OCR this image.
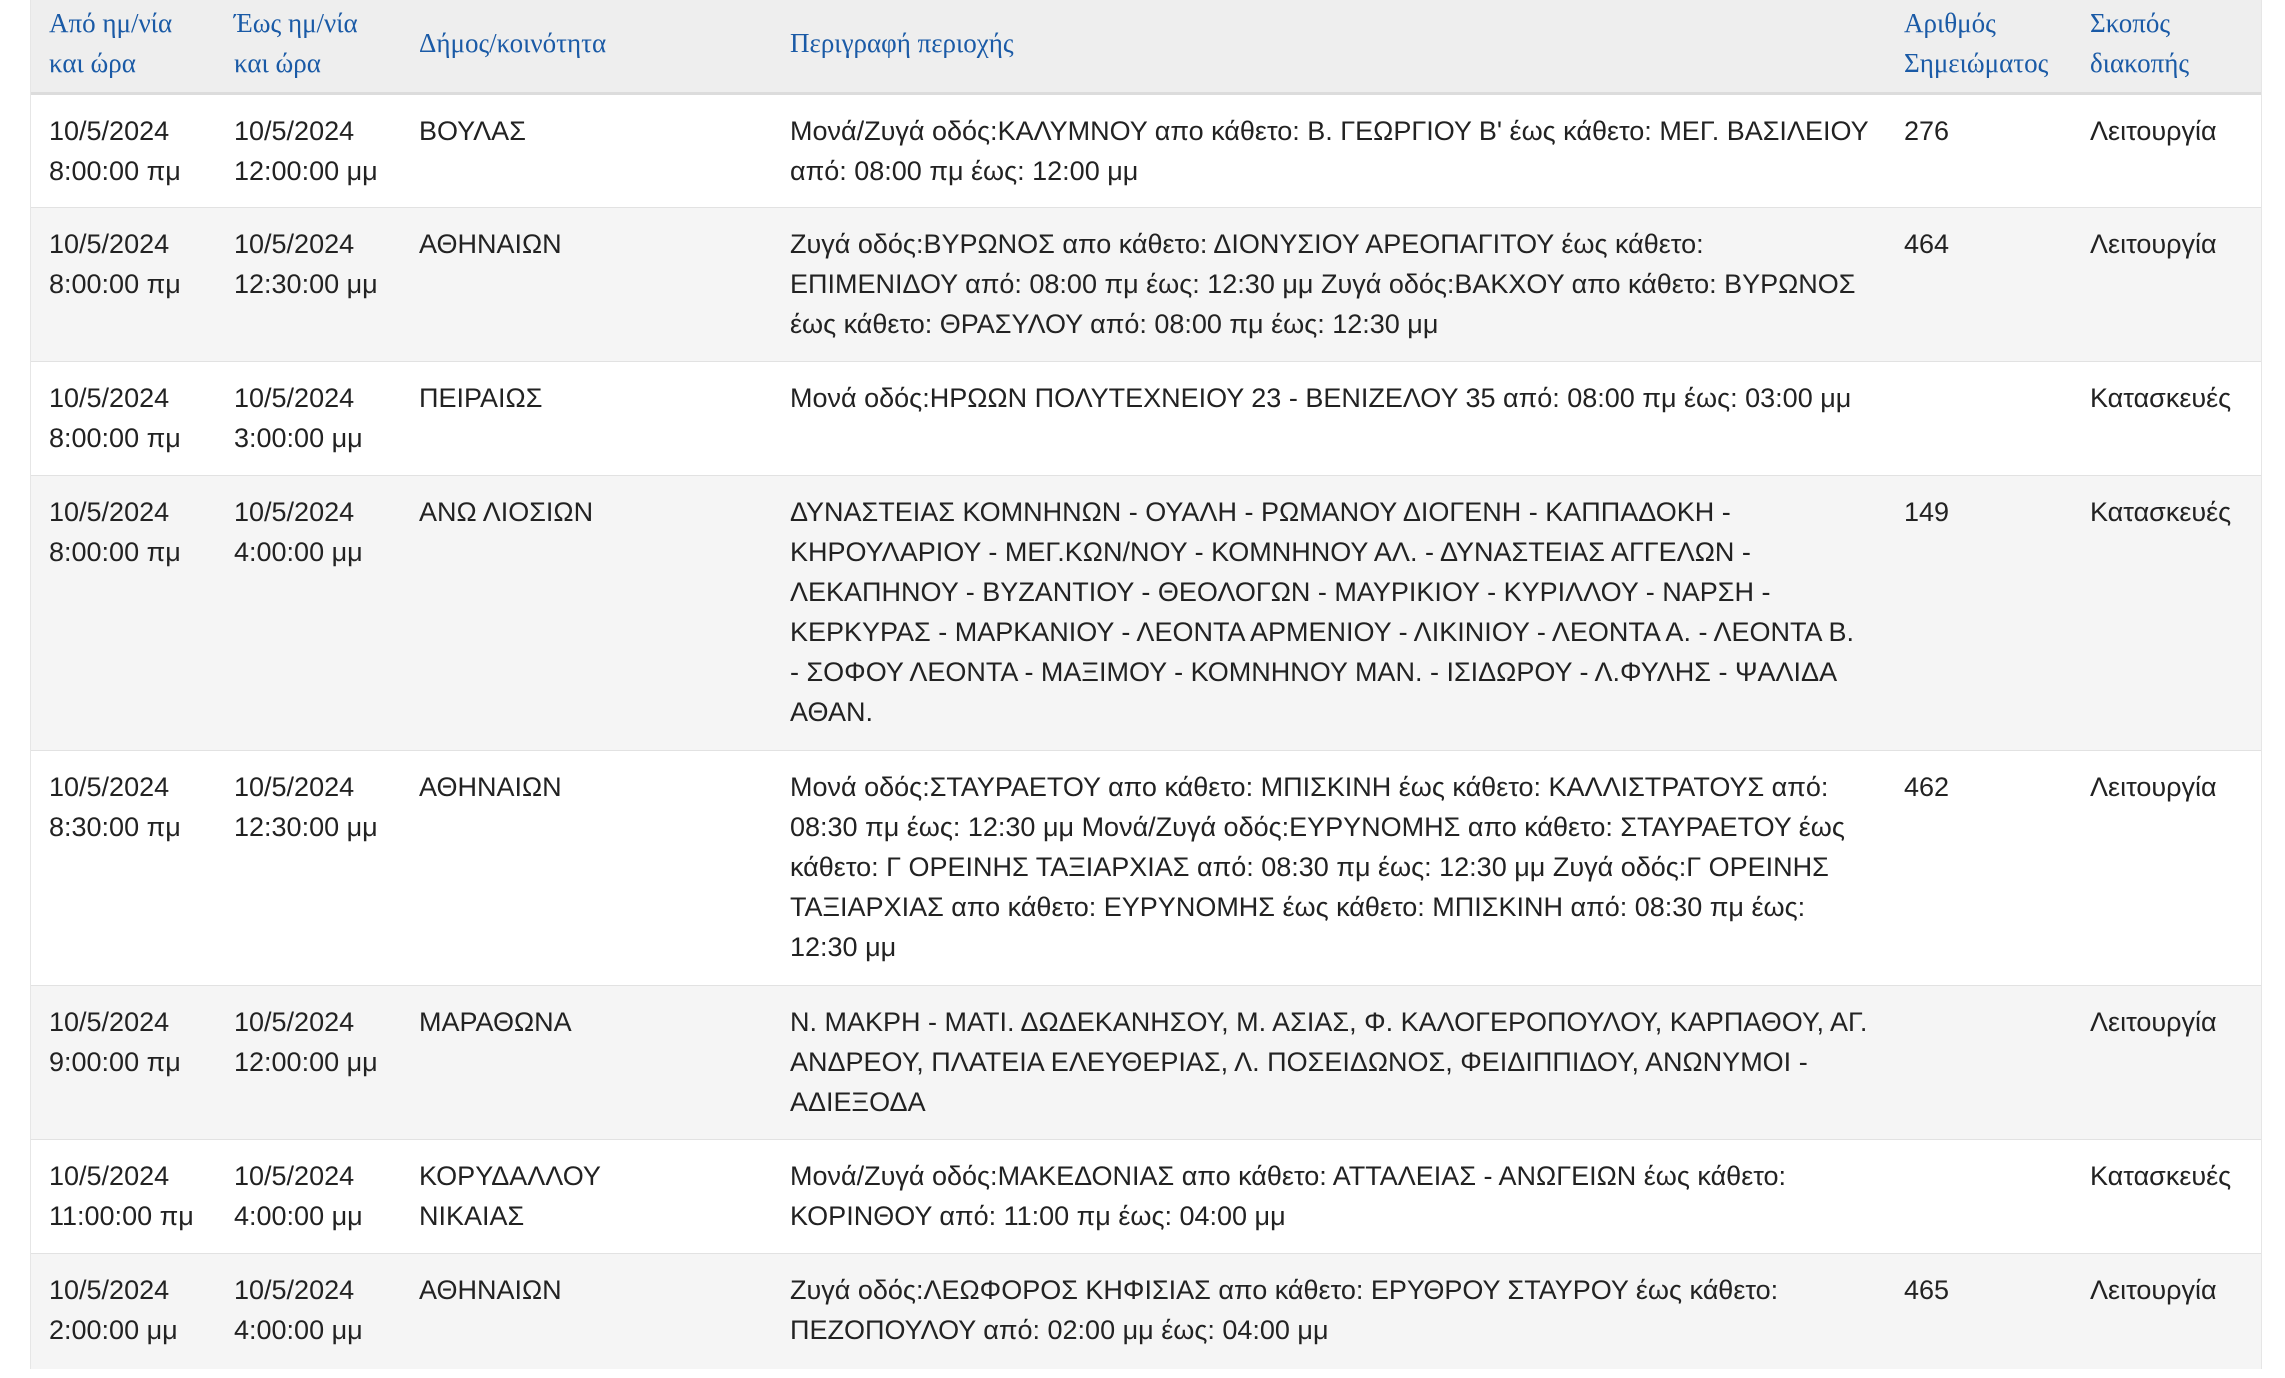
Από ημ/νία
και ώρα	Έως ημ/νία
και ώρα	Δήμος/κοινότητα	Περιγραφή περιοχής	Αριθμός
Σημειώματος	Σκοπός
διακοπής

10/5/2024
8:00:00 πμ	10/5/2024
12:00:00 μμ	ΒΟΥΛΑΣ	Μονά/Ζυγά οδός:ΚΑΛΥΜΝΟΥ απο κάθετο: Β. ΓΕΩΡΓΙΟΥ Β' έως κάθετο: ΜΕΓ. ΒΑΣΙΛΕΙΟΥ από: 08:00 πμ έως: 12:00 μμ	276	Λειτουργία

10/5/2024
8:00:00 πμ	10/5/2024
12:30:00 μμ	ΑΘΗΝΑΙΩΝ	Ζυγά οδός:ΒΥΡΩΝΟΣ απο κάθετο: ΔΙΟΝΥΣΙΟΥ ΑΡΕΟΠΑΓΙΤΟΥ έως κάθετο: ΕΠΙΜΕΝΙΔΟΥ από: 08:00 πμ έως: 12:30 μμ Ζυγά οδός:ΒΑΚΧΟΥ απο κάθετο: ΒΥΡΩΝΟΣ έως κάθετο: ΘΡΑΣΥΛΟΥ από: 08:00 πμ έως: 12:30 μμ	464	Λειτουργία

10/5/2024
8:00:00 πμ	10/5/2024
3:00:00 μμ	ΠΕΙΡΑΙΩΣ	Μονά οδός:ΗΡΩΩΝ ΠΟΛΥΤΕΧΝΕΙΟΥ 23 - ΒΕΝΙΖΕΛΟΥ 35 από: 08:00 πμ έως: 03:00 μμ		Κατασκευές

10/5/2024
8:00:00 πμ	10/5/2024
4:00:00 μμ	ΑΝΩ ΛΙΟΣΙΩΝ	ΔΥΝΑΣΤΕΙΑΣ ΚΟΜΝΗΝΩΝ - ΟΥΑΛΗ - ΡΩΜΑΝΟΥ ΔΙΟΓΕΝΗ - ΚΑΠΠΑΔΟΚΗ - ΚΗΡΟΥΛΑΡΙΟΥ - ΜΕΓ.ΚΩΝ/ΝΟΥ - ΚΟΜΝΗΝΟΥ ΑΛ. - ΔΥΝΑΣΤΕΙΑΣ ΑΓΓΕΛΩΝ - ΛΕΚΑΠΗΝΟΥ - ΒΥΖΑΝΤΙΟΥ - ΘΕΟΛΟΓΩΝ - ΜΑΥΡΙΚΙΟΥ - ΚΥΡΙΛΛΟΥ - ΝΑΡΣΗ - ΚΕΡΚΥΡΑΣ - ΜΑΡΚΑΝΙΟΥ - ΛΕΟΝΤΑ ΑΡΜΕΝΙΟΥ - ΛΙΚΙΝΙΟΥ - ΛΕΟΝΤΑ Α. - ΛΕΟΝΤΑ Β. - ΣΟΦΟΥ ΛΕΟΝΤΑ - ΜΑΞΙΜΟΥ - ΚΟΜΝΗΝΟΥ ΜΑΝ. - ΙΣΙΔΩΡΟΥ - Λ.ΦΥΛΗΣ - ΨΑΛΙΔΑ ΑΘΑΝ.	149	Κατασκευές

10/5/2024
8:30:00 πμ	10/5/2024
12:30:00 μμ	ΑΘΗΝΑΙΩΝ	Μονά οδός:ΣΤΑΥΡΑΕΤΟΥ απο κάθετο: ΜΠΙΣΚΙΝΗ έως κάθετο: ΚΑΛΛΙΣΤΡΑΤΟΥΣ από: 08:30 πμ έως: 12:30 μμ Μονά/Ζυγά οδός:ΕΥΡΥΝΟΜΗΣ απο κάθετο: ΣΤΑΥΡΑΕΤΟΥ έως κάθετο: Γ ΟΡΕΙΝΗΣ ΤΑΞΙΑΡΧΙΑΣ από: 08:30 πμ έως: 12:30 μμ Ζυγά οδός:Γ ΟΡΕΙΝΗΣ ΤΑΞΙΑΡΧΙΑΣ απο κάθετο: ΕΥΡΥΝΟΜΗΣ έως κάθετο: ΜΠΙΣΚΙΝΗ από: 08:30 πμ έως: 12:30 μμ	462	Λειτουργία

10/5/2024
9:00:00 πμ	10/5/2024
12:00:00 μμ	ΜΑΡΑΘΩΝΑ	Ν. ΜΑΚΡΗ - ΜΑΤΙ. ΔΩΔΕΚΑΝΗΣΟΥ, Μ. ΑΣΙΑΣ, Φ. ΚΑΛΟΓΕΡΟΠΟΥΛΟΥ, ΚΑΡΠΑΘΟΥ, ΑΓ. ΑΝΔΡΕΟΥ, ΠΛΑΤΕΙΑ ΕΛΕΥΘΕΡΙΑΣ, Λ. ΠΟΣΕΙΔΩΝΟΣ, ΦΕΙΔΙΠΠΙΔΟΥ, ΑΝΩΝΥΜΟΙ - ΑΔΙΕΞΟΔΑ		Λειτουργία

10/5/2024
11:00:00 πμ	10/5/2024
4:00:00 μμ	ΚΟΡΥΔΑΛΛΟΥ
ΝΙΚΑΙΑΣ	Μονά/Ζυγά οδός:ΜΑΚΕΔΟΝΙΑΣ απο κάθετο: ΑΤΤΑΛΕΙΑΣ - ΑΝΩΓΕΙΩΝ έως κάθετο: ΚΟΡΙΝΘΟΥ από: 11:00 πμ έως: 04:00 μμ		Κατασκευές

10/5/2024
2:00:00 μμ	10/5/2024
4:00:00 μμ	ΑΘΗΝΑΙΩΝ	Ζυγά οδός:ΛΕΩΦΟΡΟΣ ΚΗΦΙΣΙΑΣ απο κάθετο: ΕΡΥΘΡΟΥ ΣΤΑΥΡΟΥ έως κάθετο: ΠΕΖΟΠΟΥΛΟΥ από: 02:00 μμ έως: 04:00 μμ	465	Λειτουργία
